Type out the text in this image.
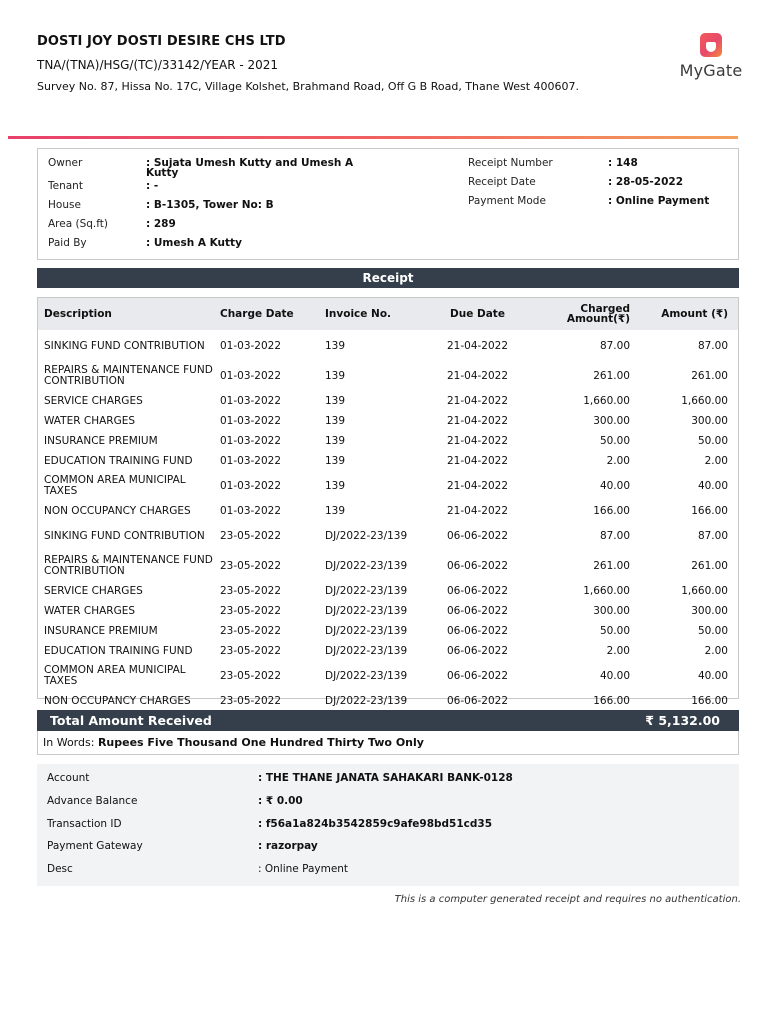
DOSTI JOY DOSTI DESIRE CHS LTD
TNA/(TNA)/HSG/(TC)/33142/YEAR - 2021
Survey No. 87, Hissa No. 17C, Village Kolshet, Brahmand Road, Off G B Road, Thane West 400607.
MyGate
Owner	: Sujata Umesh Kutty and Umesh A Kutty
Tenant	: -
House	: B-1305, Tower No: B
Area (Sq.ft)	: 289
Paid By	: Umesh A Kutty
Receipt Number	: 148
Receipt Date	: 28-05-2022
Payment Mode	: Online Payment
Receipt
Description	Charge Date	Invoice No.	Due Date	Charged Amount(₹)	Amount (₹)
SINKING FUND CONTRIBUTION	01-03-2022	139	21-04-2022	87.00	87.00
REPAIRS & MAINTENANCE FUND CONTRIBUTION	01-03-2022	139	21-04-2022	261.00	261.00
SERVICE CHARGES	01-03-2022	139	21-04-2022	1,660.00	1,660.00
WATER CHARGES	01-03-2022	139	21-04-2022	300.00	300.00
INSURANCE PREMIUM	01-03-2022	139	21-04-2022	50.00	50.00
EDUCATION TRAINING FUND	01-03-2022	139	21-04-2022	2.00	2.00
COMMON AREA MUNICIPAL TAXES	01-03-2022	139	21-04-2022	40.00	40.00
NON OCCUPANCY CHARGES	01-03-2022	139	21-04-2022	166.00	166.00
SINKING FUND CONTRIBUTION	23-05-2022	DJ/2022-23/139	06-06-2022	87.00	87.00
REPAIRS & MAINTENANCE FUND CONTRIBUTION	23-05-2022	DJ/2022-23/139	06-06-2022	261.00	261.00
SERVICE CHARGES	23-05-2022	DJ/2022-23/139	06-06-2022	1,660.00	1,660.00
WATER CHARGES	23-05-2022	DJ/2022-23/139	06-06-2022	300.00	300.00
INSURANCE PREMIUM	23-05-2022	DJ/2022-23/139	06-06-2022	50.00	50.00
EDUCATION TRAINING FUND	23-05-2022	DJ/2022-23/139	06-06-2022	2.00	2.00
COMMON AREA MUNICIPAL TAXES	23-05-2022	DJ/2022-23/139	06-06-2022	40.00	40.00
NON OCCUPANCY CHARGES	23-05-2022	DJ/2022-23/139	06-06-2022	166.00	166.00
Total Amount Received	₹ 5,132.00
In Words: Rupees Five Thousand One Hundred Thirty Two Only
Account	: THE THANE JANATA SAHAKARI BANK-0128
Advance Balance	: ₹ 0.00
Transaction ID	: f56a1a824b3542859c9afe98bd51cd35
Payment Gateway	: razorpay
Desc	: Online Payment
This is a computer generated receipt and requires no authentication.
